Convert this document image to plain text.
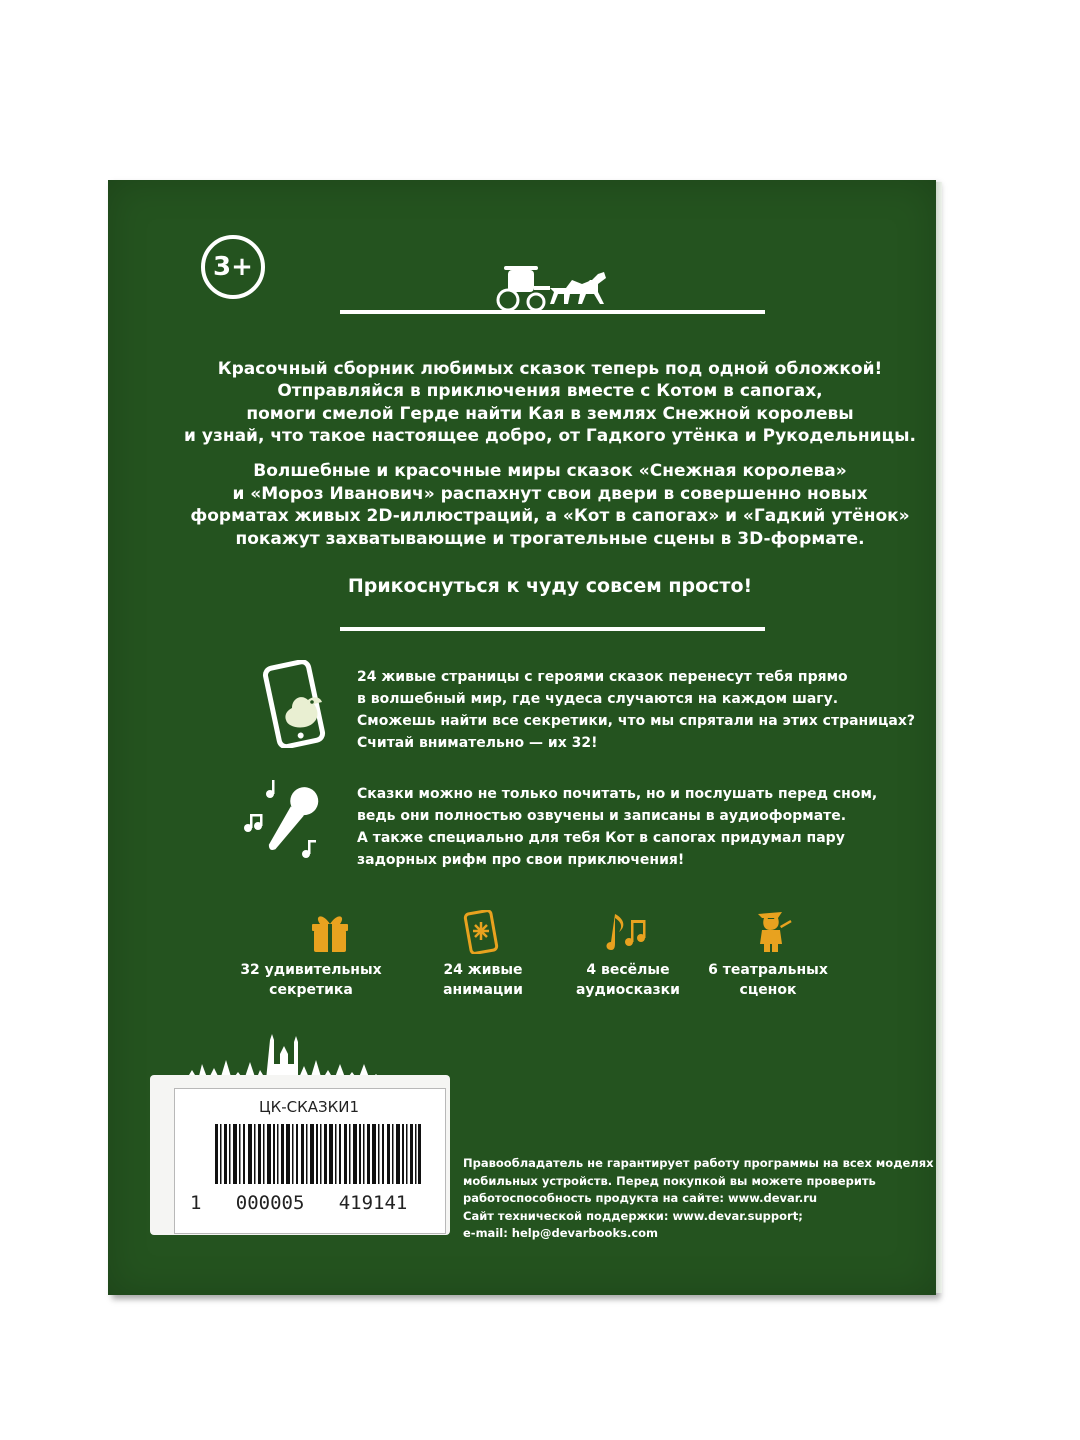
3+
Красочный сборник любимых сказок теперь под одной обложкой!
Отправляйся в приключения вместе с Котом в сапогах,
помоги смелой Герде найти Кая в землях Снежной королевы
и узнай, что такое настоящее добро, от Гадкого утёнка и Рукодельницы.
Волшебные и красочные миры сказок «Снежная королева»
и «Мороз Иванович» распахнут свои двери в совершенно новых
форматах живых 2D-иллюстраций, а «Кот в сапогах» и «Гадкий утёнок»
покажут захватывающие и трогательные сцены в 3D-формате.
Прикоснуться к чуду совсем просто!
24 живые страницы с героями сказок перенесут тебя прямо
в волшебный мир, где чудеса случаются на каждом шагу.
Сможешь найти все секретики, что мы спрятали на этих страницах?
Считай внимательно — их 32!
Сказки можно не только почитать, но и послушать перед сном,
ведь они полностью озвучены и записаны в аудиоформате.
А также специально для тебя Кот в сапогах придумал пару
задорных рифм про свои приключения!
32 удивительных
секретика
24 живые
анимации
4 весёлые
аудиосказки
6 театральных
сценок
ЦК-СКАЗКИ1
1   000005   419141
Правообладатель не гарантирует работу программы на всех моделях
мобильных устройств. Перед покупкой вы можете проверить
работоспособность продукта на сайте: www.devar.ru
Сайт технической поддержки: www.devar.support;
e-mail: help@devarbooks.com
